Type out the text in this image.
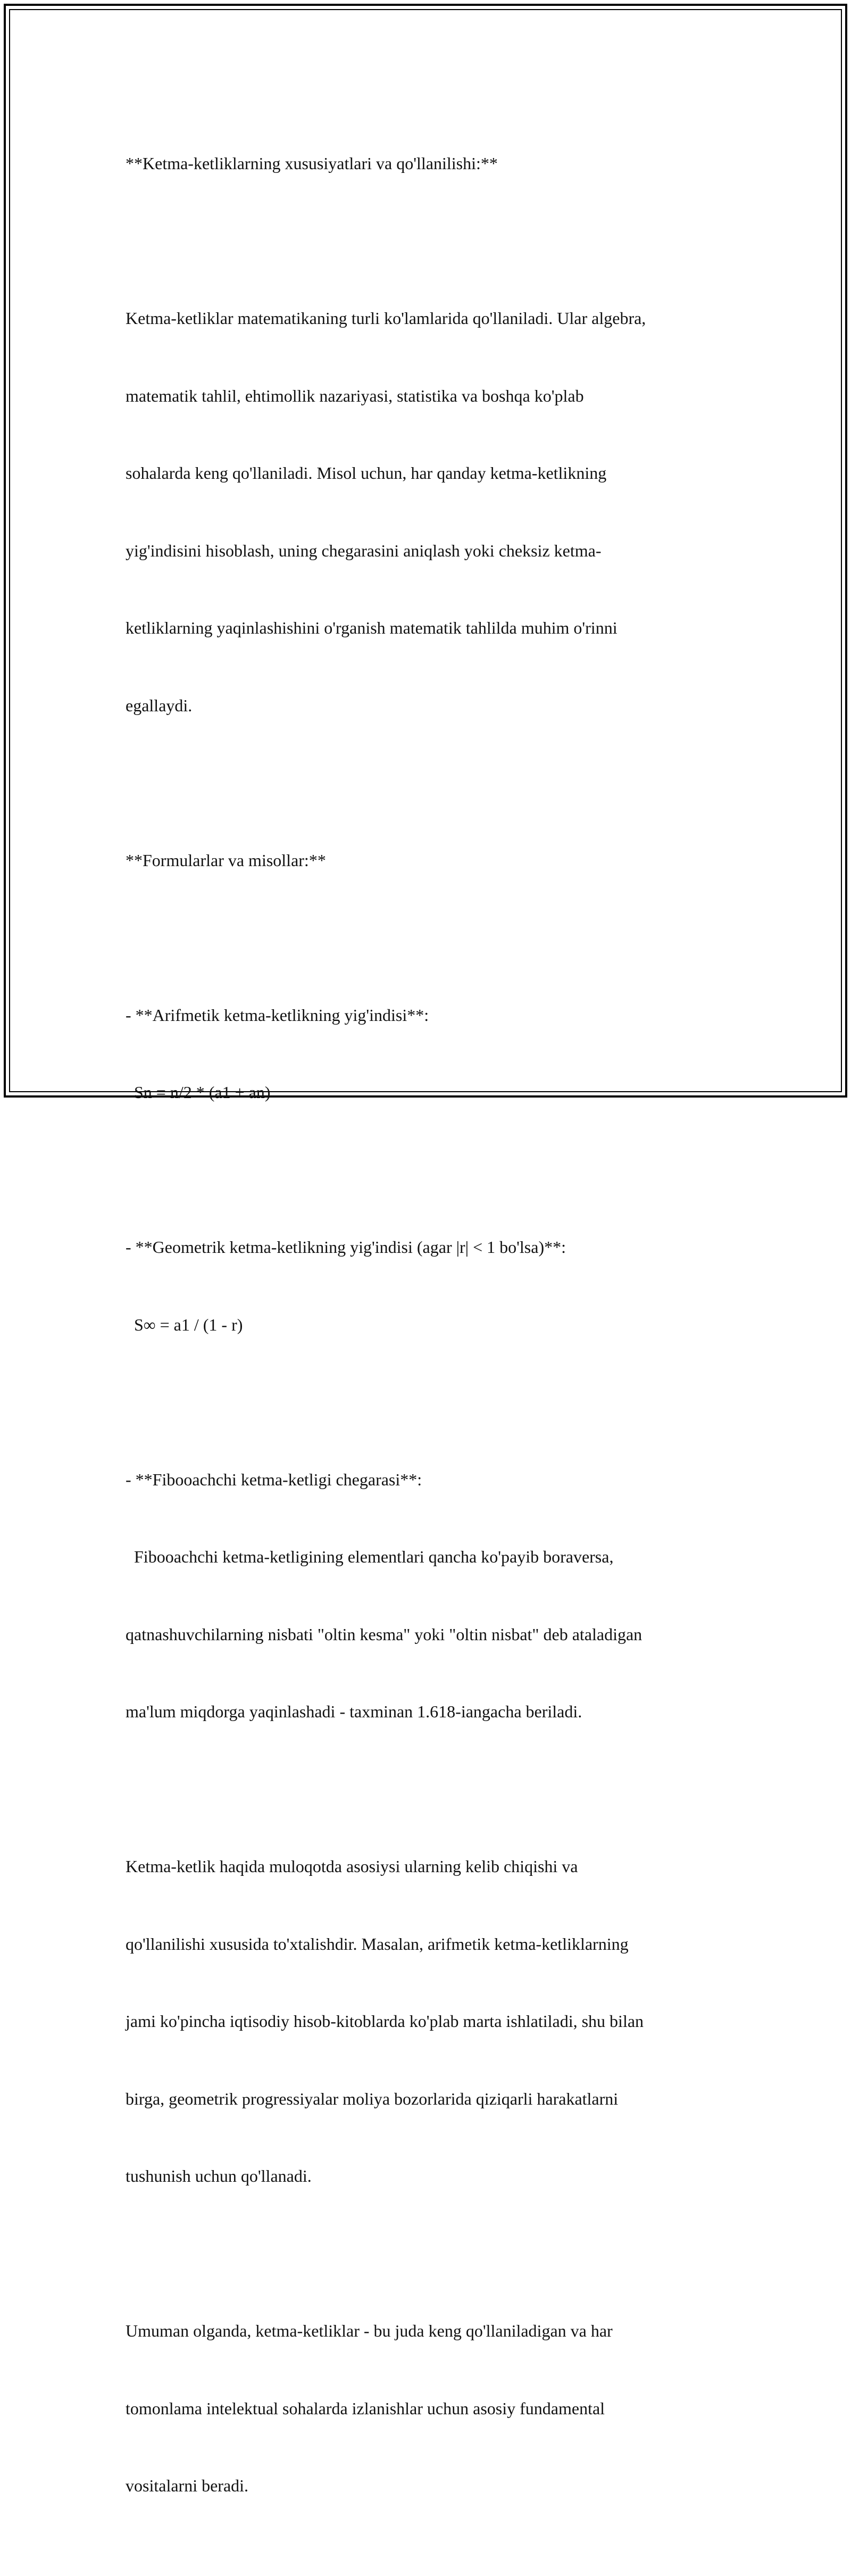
**Ketma-ketliklarning xususiyatlari va qo'llanilishi:**

Ketma-ketliklar matematikaning turli ko'lamlarida qo'llaniladi. Ular algebra,

matematik tahlil, ehtimollik nazariyasi, statistika va boshqa ko'plab

sohalarda keng qo'llaniladi. Misol uchun, har qanday ketma-ketlikning

yig'indisini hisoblash, uning chegarasini aniqlash yoki cheksiz ketma-

ketliklarning yaqinlashishini o'rganish matematik tahlilda muhim o'rinni

egallaydi.

**Formularlar va misollar:**

- **Arifmetik ketma-ketlikning yig'indisi**:

Sn = n/2 * (a1 + an)

- **Geometrik ketma-ketlikning yig'indisi (agar |r| < 1 bo'lsa)**:

S∞ = a1 / (1 - r)

- **Fibooachchi ketma-ketligi chegarasi**:

Fibooachchi ketma-ketligining elementlari qancha ko'payib boraversa,

qatnashuvchilarning nisbati "oltin kesma" yoki "oltin nisbat" deb ataladigan

ma'lum miqdorga yaqinlashadi - taxminan 1.618-iangacha beriladi.

Ketma-ketlik haqida muloqotda asosiysi ularning kelib chiqishi va

qo'llanilishi xususida to'xtalishdir. Masalan, arifmetik ketma-ketliklarning

jami ko'pincha iqtisodiy hisob-kitoblarda ko'plab marta ishlatiladi, shu bilan

birga, geometrik progressiyalar moliya bozorlarida qiziqarli harakatlarni

tushunish uchun qo'llanadi.

Umuman olganda, ketma-ketliklar - bu juda keng qo'llaniladigan va har

tomonlama intelektual sohalarda izlanishlar uchun asosiy fundamental

vositalarni beradi.
